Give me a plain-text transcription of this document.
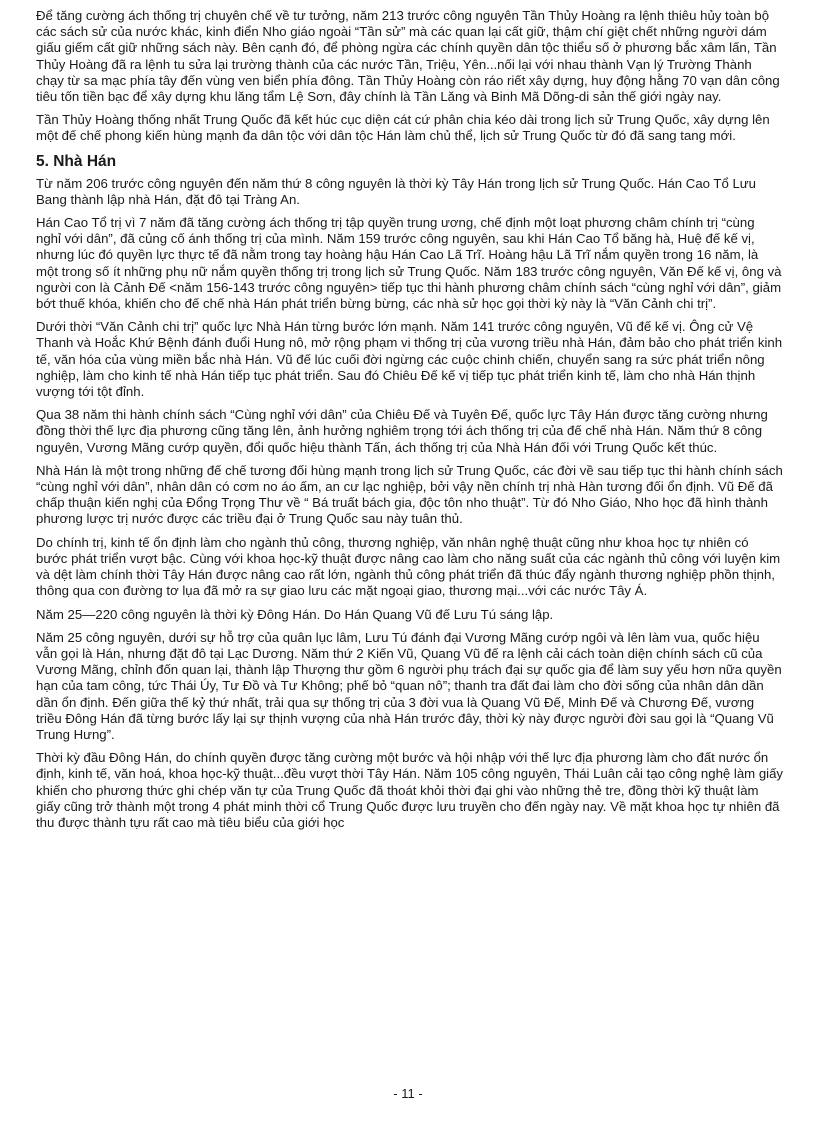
Để tăng cường ách thống trị chuyên chế về tư tưởng, năm 213 trước công nguyên Tần Thủy Hoàng ra lệnh thiêu hủy toàn bộ các sách sử của nước khác, kinh điển Nho giáo ngoài “Tần sử” mà các quan lại cất giữ, thậm chí giệt chết những người dám giấu giếm cất giữ những sách này. Bên cạnh đó, để phòng ngừa các chính quyền dân tộc thiểu số ở phương bắc xâm lấn, Tần Thủy Hoàng đã ra lệnh tu sửa lại trường thành của các nước Tần, Triệu, Yên...nối lại với nhau thành Vạn lý Trường Thành chạy từ sa mạc phía tây đến vùng ven biển phía đông. Tần Thủy Hoàng còn ráo riết xây dựng, huy động hằng 70 vạn dân công tiêu tốn tiền bạc để xây dựng khu lăng tẩm Lệ Sơn, đây chính là Tần Lăng và Binh Mã Dõng-di sản thế giới ngày nay.

Tần Thủy Hoàng thống nhất Trung Quốc đã kết húc cục diện cát cứ phân chia kéo dài trong lịch sử Trung Quốc, xây dựng lên một đế chế phong kiến hùng mạnh đa dân tộc với dân tộc Hán làm chủ thể, lịch sử Trung Quốc từ đó đã sang tang mới.

5. Nhà Hán

Từ năm 206 trước công nguyên đến năm thứ 8 công nguyên là thời kỳ Tây Hán trong lịch sử Trung Quốc. Hán Cao Tổ Lưu Bang thành lập nhà Hán, đặt đô tại Tràng An.

Hán Cao Tổ trị vì 7 năm đã tăng cường ách thống trị tập quyền trung ương, chế định một loạt phương châm chính trị “cùng nghỉ với dân”, đã củng cố ánh thống trị của mình. Năm 159 trước công nguyên, sau khi Hán Cao Tổ băng hà, Huệ đế kế vị, nhưng lúc đó quyền lực thực tế đã nằm trong tay hoàng hậu Hán Cao Lã Trĩ. Hoàng hậu Lã Trĩ nắm quyền trong 16 năm, là một trong số ít những phụ nữ nắm quyền thống trị trong lịch sử Trung Quốc. Năm 183 trước công nguyên, Văn Đế kế vị, ông và người con là Cảnh Đế <năm 156-143 trước công nguyên> tiếp tục thi hành phương châm chính sách “cùng nghỉ với dân”, giảm bớt thuế khóa, khiến cho đế chế nhà Hán phát triển bừng bừng, các nhà sử học gọi thời kỳ này là “Văn Cảnh chi trị”.

Dưới thời “Văn Cảnh chi trị” quốc lực Nhà Hán từng bước lớn mạnh. Năm 141 trước công nguyên, Vũ đế kế vị. Ông cử Vệ Thanh và Hoắc Khứ Bệnh đánh đuổi Hung nô, mở rộng phạm vi thống trị của vương triều nhà Hán, đảm bảo cho phát triển kinh tế, văn hóa của vùng miền bắc nhà Hán. Vũ đế lúc cuối đời ngừng các cuộc chinh chiến, chuyển sang ra sức phát triển nông nghiệp, làm cho kinh tế nhà Hán tiếp tục phát triển. Sau đó Chiêu Đế kế vị tiếp tục phát triển kinh tế, làm cho nhà Hán thịnh vượng tới tột đỉnh.

Qua 38 năm thi hành chính sách “Cùng nghỉ với dân” của Chiêu Đế và Tuyên Đế, quốc lực Tây Hán được tăng cường nhưng đồng thời thế lực địa phương cũng tăng lên, ảnh hưởng nghiêm trọng tới ách thống trị của đế chế nhà Hán. Năm thứ 8 công nguyên, Vương Mãng cướp quyền, đổi quốc hiệu thành Tấn, ách thống trị của Nhà Hán đối với Trung Quốc kết thúc.

Nhà Hán là một trong những đế chế tương đối hùng mạnh trong lịch sử Trung Quốc, các đời về sau tiếp tục thi hành chính sách “cùng nghỉ với dân”, nhân dân có cơm no áo ấm, an cư lạc nghiệp, bởi vậy nền chính trị nhà Hàn tương đối ổn định. Vũ Đế đã chấp thuận kiến nghị của Đổng Trọng Thư về “ Bá truất bách gia, độc tôn nho thuật”. Từ đó Nho Giáo, Nho học đã hình thành phương lược trị nước được các triều đại ở Trung Quốc sau này tuân thủ.

Do chính trị, kinh tế ổn định làm cho ngành thủ công, thương nghiệp, văn nhân nghệ thuật cũng như khoa học tự nhiên có bước phát triển vượt bậc. Cùng với khoa học-kỹ thuật được nâng cao làm cho năng suất của các ngành thủ công với luyện kim và dệt làm chính thời Tây Hán được nâng cao rất lớn, ngành thủ công phát triển đã thúc đẩy ngành thương nghiệp phồn thịnh, thông qua con đường tơ lụa đã mở ra sự giao lưu các mặt ngoại giao, thương mại...với các nước Tây Á.

Năm 25—220 công nguyên là thời kỳ Đông Hán. Do Hán Quang Vũ đế Lưu Tú sáng lập.

Năm 25 công nguyên, dưới sự hỗ trợ của quân lục lâm, Lưu Tú đánh đại Vương Mãng cướp ngôi và lên làm vua, quốc hiệu vẫn gọi là Hán, nhưng đặt đô tại Lạc Dương. Năm thứ 2 Kiến Vũ, Quang Vũ đế ra lệnh cải cách toàn diện chính sách cũ của Vương Mãng, chỉnh đốn quan lại, thành lập Thượng thư gồm 6 người phụ trách đại sự quốc gia để làm suy yếu hơn nữa quyền hạn của tam công, tức Thái Úy, Tư Đồ và Tư Không; phế bỏ “quan nô”; thanh tra đất đai làm cho đời sống của nhân dân dần dần ổn định. Đến giữa thế kỷ thứ nhất, trải qua sự thống trị của 3 đời vua là Quang Vũ Đế, Minh Đế và Chương Đế, vương triều Đông Hán đã từng bước lấy lại sự thịnh vượng của nhà Hán trước đây, thời kỳ này được người đời sau gọi là “Quang Vũ Trung Hưng”.

Thời kỳ đầu Đông Hán, do chính quyền được tăng cường một bước và hội nhập với thế lực địa phương làm cho đất nước ổn định, kinh tế, văn hoá, khoa học-kỹ thuật...đều vượt thời Tây Hán. Năm 105 công nguyên, Thái Luân cải tạo công nghệ làm giấy khiến cho phương thức ghi chép văn tự của Trung Quốc đã thoát khỏi thời đại ghi vào những thẻ tre, đồng thời kỹ thuật làm giấy cũng trở thành một trong 4 phát minh thời cổ Trung Quốc được lưu truyền cho đến ngày nay. Về mặt khoa học tự nhiên đã thu được thành tựu rất cao mà tiêu biểu của giới học

- 11 -
